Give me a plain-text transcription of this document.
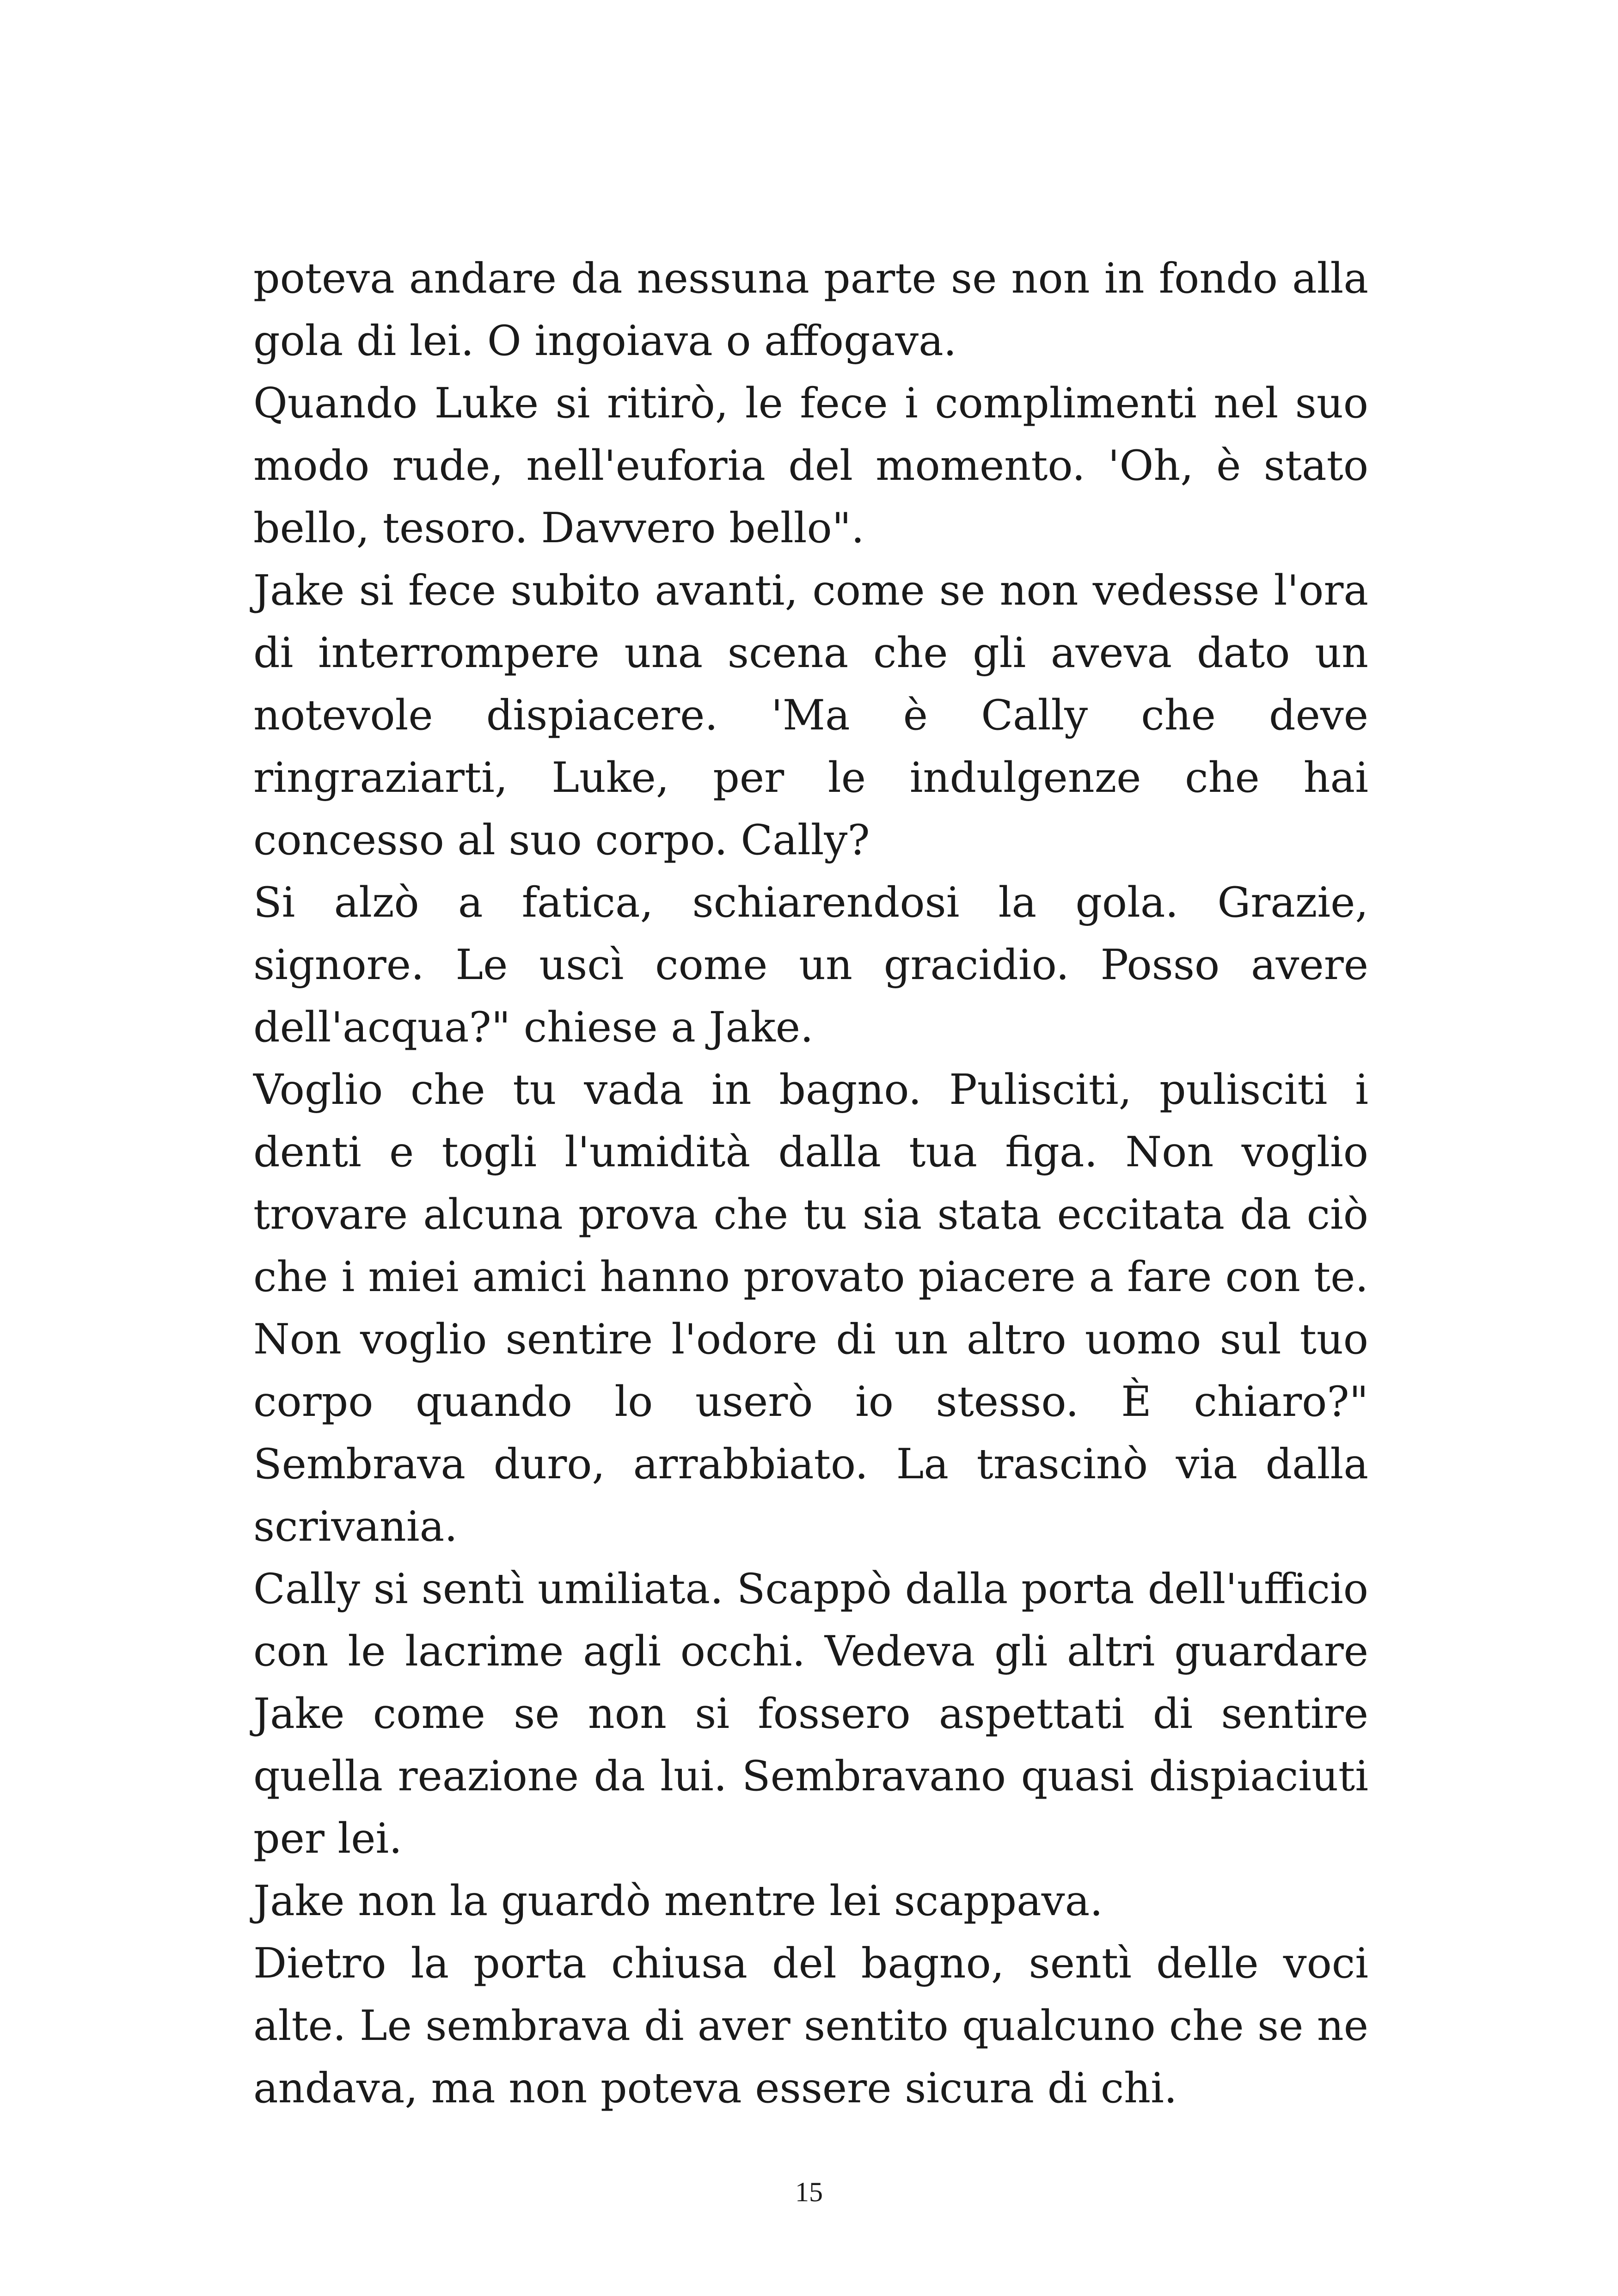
poteva andare da nessuna parte se non in fondo alla gola di lei. O ingoiava o affogava.

Quando Luke si ritirò, le fece i complimenti nel suo modo rude, nell'euforia del momento. 'Oh, è stato bello, tesoro. Davvero bello".

Jake si fece subito avanti, come se non vedesse l'ora di interrompere una scena che gli aveva dato un notevole dispiacere. 'Ma è Cally che deve ringraziarti, Luke, per le indulgenze che hai concesso al suo corpo. Cally?

Si alzò a fatica, schiarendosi la gola. Grazie, signore. Le uscì come un gracidio. Posso avere dell'acqua?" chiese a Jake.

Voglio che tu vada in bagno. Pulisciti, pulisciti i denti e togli l'umidità dalla tua figa. Non voglio trovare alcuna prova che tu sia stata eccitata da ciò che i miei amici hanno provato piacere a fare con te. Non voglio sentire l'odore di un altro uomo sul tuo corpo quando lo userò io stesso. È chiaro?" Sembrava duro, arrabbiato. La trascinò via dalla scrivania.

Cally si sentì umiliata. Scappò dalla porta dell'ufficio con le lacrime agli occhi. Vedeva gli altri guardare Jake come se non si fossero aspettati di sentire quella reazione da lui. Sembravano quasi dispiaciuti per lei.

Jake non la guardò mentre lei scappava.

Dietro la porta chiusa del bagno, sentì delle voci alte. Le sembrava di aver sentito qualcuno che se ne andava, ma non poteva essere sicura di chi.

15
